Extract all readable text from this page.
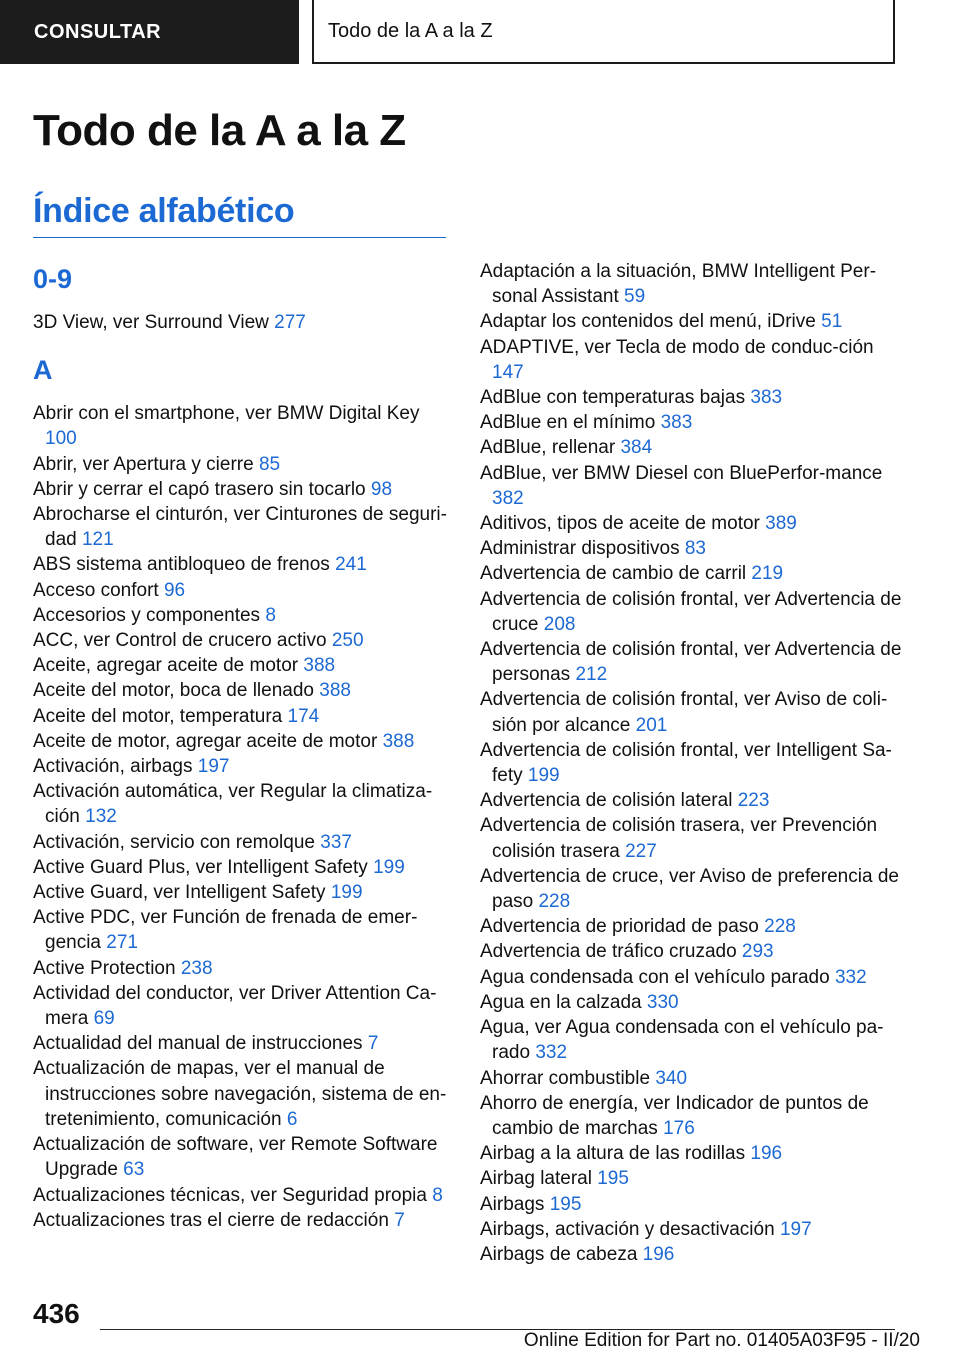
CONSULTAR	Todo de la A a la Z
Todo de la A a la Z
Índice alfabético
0-9

3D View, ver Surround View 277

A

Abrir con el smartphone, ver BMW Digital Key 100

Abrir, ver Apertura y cierre 85

Abrir y cerrar el capó trasero sin tocarlo 98

Abrocharse el cinturón, ver Cinturones de seguri-dad 121

ABS sistema antibloqueo de frenos 241

Acceso confort 96

Accesorios y componentes 8

ACC, ver Control de crucero activo 250

Aceite, agregar aceite de motor 388

Aceite del motor, boca de llenado 388

Aceite del motor, temperatura 174

Aceite de motor, agregar aceite de motor 388

Activación, airbags 197

Activación automática, ver Regular la climatiza-ción 132

Activación, servicio con remolque 337

Active Guard Plus, ver Intelligent Safety 199

Active Guard, ver Intelligent Safety 199

Active PDC, ver Función de frenada de emer-gencia 271

Active Protection 238

Actividad del conductor, ver Driver Attention Ca-mera 69

Actualidad del manual de instrucciones 7

Actualización de mapas, ver el manual de instrucciones sobre navegación, sistema de en-tretenimiento, comunicación 6

Actualización de software, ver Remote Software Upgrade 63

Actualizaciones técnicas, ver Seguridad propia 8

Actualizaciones tras el cierre de redacción 7

Adaptación a la situación, BMW Intelligent Per-sonal Assistant 59

Adaptar los contenidos del menú, iDrive 51

ADAPTIVE, ver Tecla de modo de conduc-ción 147

AdBlue con temperaturas bajas 383

AdBlue en el mínimo 383

AdBlue, rellenar 384

AdBlue, ver BMW Diesel con BluePerfor-mance 382

Aditivos, tipos de aceite de motor 389

Administrar dispositivos 83

Advertencia de cambio de carril 219

Advertencia de colisión frontal, ver Advertencia de cruce 208

Advertencia de colisión frontal, ver Advertencia de personas 212

Advertencia de colisión frontal, ver Aviso de coli-sión por alcance 201

Advertencia de colisión frontal, ver Intelligent Sa-fety 199

Advertencia de colisión lateral 223

Advertencia de colisión trasera, ver Prevención colisión trasera 227

Advertencia de cruce, ver Aviso de preferencia de paso 228

Advertencia de prioridad de paso 228

Advertencia de tráfico cruzado 293

Agua condensada con el vehículo parado 332

Agua en la calzada 330

Agua, ver Agua condensada con el vehículo pa-rado 332

Ahorrar combustible 340

Ahorro de energía, ver Indicador de puntos de cambio de marchas 176

Airbag a la altura de las rodillas 196

Airbag lateral 195

Airbags 195

Airbags, activación y desactivación 197

Airbags de cabeza 196

436
Online Edition for Part no. 01405A03F95 - II/20
